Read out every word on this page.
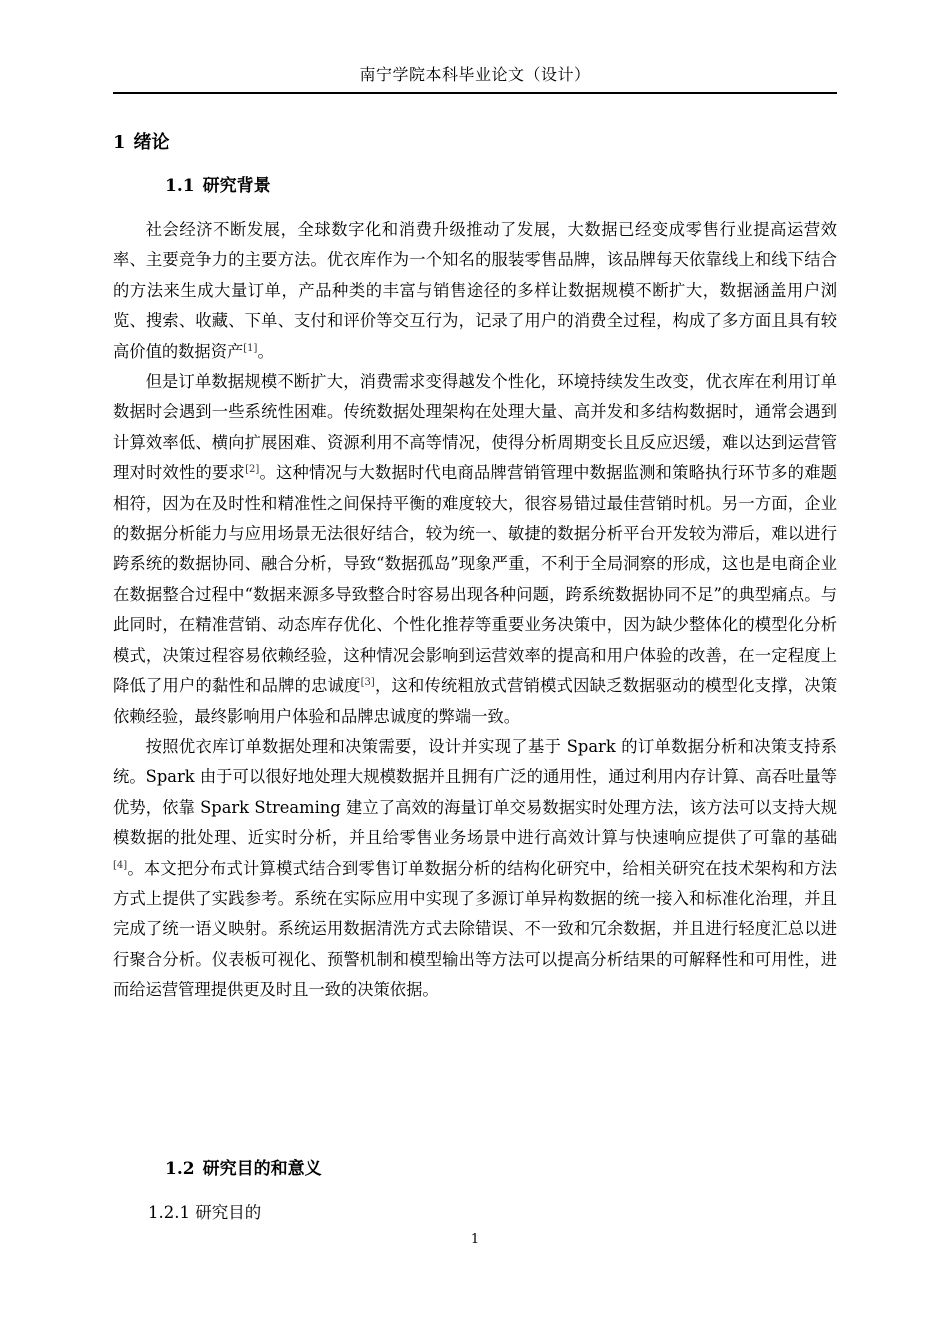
南宁学院本科毕业论文（设计）
1 绪论
1.1 研究背景

社会经济不断发展，全球数字化和消费升级推动了发展，大数据已经变成零售行业提高运营效率、主要竞争力的主要方法。优衣库作为一个知名的服装零售品牌，该品牌每天依靠线上和线下结合的方法来生成大量订单，产品种类的丰富与销售途径的多样让数据规模不断扩大，数据涵盖用户浏览、搜索、收藏、下单、支付和评价等交互行为，记录了用户的消费全过程，构成了多方面且具有较高价值的数据资产[1]。

但是订单数据规模不断扩大，消费需求变得越发个性化，环境持续发生改变，优衣库在利用订单数据时会遇到一些系统性困难。传统数据处理架构在处理大量、高并发和多结构数据时，通常会遇到计算效率低、横向扩展困难、资源利用不高等情况，使得分析周期变长且反应迟缓，难以达到运营管理对时效性的要求[2]。这种情况与大数据时代电商品牌营销管理中数据监测和策略执行环节多的难题相符，因为在及时性和精准性之间保持平衡的难度较大，很容易错过最佳营销时机。另一方面，企业的数据分析能力与应用场景无法很好结合，较为统一、敏捷的数据分析平台开发较为滞后，难以进行跨系统的数据协同、融合分析，导致“数据孤岛”现象严重，不利于全局洞察的形成，这也是电商企业在数据整合过程中“数据来源多导致整合时容易出现各种问题，跨系统数据协同不足”的典型痛点。与此同时，在精准营销、动态库存优化、个性化推荐等重要业务决策中，因为缺少整体化的模型化分析模式，决策过程容易依赖经验，这种情况会影响到运营效率的提高和用户体验的改善，在一定程度上降低了用户的黏性和品牌的忠诚度[3]，这和传统粗放式营销模式因缺乏数据驱动的模型化支撑，决策依赖经验，最终影响用户体验和品牌忠诚度的弊端一致。

按照优衣库订单数据处理和决策需要，设计并实现了基于 Spark 的订单数据分析和决策支持系统。Spark 由于可以很好地处理大规模数据并且拥有广泛的通用性，通过利用内存计算、高吞吐量等优势，依靠 Spark Streaming 建立了高效的海量订单交易数据实时处理方法，该方法可以支持大规模数据的批处理、近实时分析，并且给零售业务场景中进行高效计算与快速响应提供了可靠的基础[4]。本文把分布式计算模式结合到零售订单数据分析的结构化研究中，给相关研究在技术架构和方法方式上提供了实践参考。系统在实际应用中实现了多源订单异构数据的统一接入和标准化治理，并且完成了统一语义映射。系统运用数据清洗方式去除错误、不一致和冗余数据，并且进行轻度汇总以进行聚合分析。仪表板可视化、预警机制和模型输出等方法可以提高分析结果的可解释性和可用性，进而给运营管理提供更及时且一致的决策依据。

1.2 研究目的和意义
1.2.1 研究目的
1
